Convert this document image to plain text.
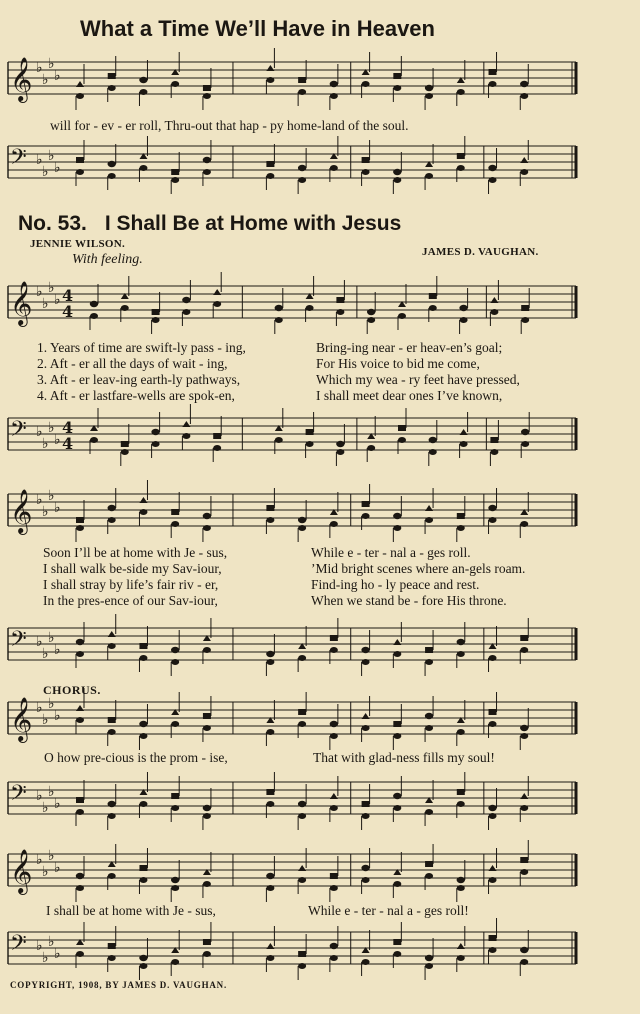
What a Time We’ll Have in Heaven
𝄞 ♭
♭
♭
♭
will for - ev - er roll, Thru-out that hap - py home-land of the soul.
𝄢 ♭
♭
♭
♭
No. 53. I Shall Be at Home with Jesus
JENNIE WILSON.
JAMES D. VAUGHAN.
With feeling.
𝄞 ♭
♭
♭
♭ 4
4
1. Years of time are swift-ly pass - ing,
2. Aft - er all the days of wait - ing,
3. Aft - er leav-ing earth-ly pathways,
4. Aft - er lastfare-wells are spok-en,
Bring-ing near - er heav-en’s goal;
For His voice to bid me come,
Which my wea - ry feet have pressed,
I shall meet dear ones I’ve known,
𝄢 ♭
♭
♭
♭
4
4
𝄞 ♭
♭
♭
♭
Soon I’ll be at home with Je - sus,
I shall walk be-side my Sav-iour,
I shall stray by life’s fair riv - er,
In the pres-ence of our Sav-iour,
While e - ter - nal a - ges roll.
’Mid bright scenes where an-gels roam.
Find-ing ho - ly peace and rest.
When we stand be - fore His throne.
𝄢 ♭
♭
♭
♭
CHORUS.
𝄞 ♭
♭
♭
♭
O how pre-cious is the prom - ise,	That with glad-ness fills my soul!
𝄢 ♭
♭
♭
♭
𝄞 ♭
♭
♭
♭
I shall be at home with Je - sus,	While e - ter - nal a - ges roll!
𝄢 ♭
♭
♭
♭
COPYRIGHT, 1908, BY JAMES D. VAUGHAN.
